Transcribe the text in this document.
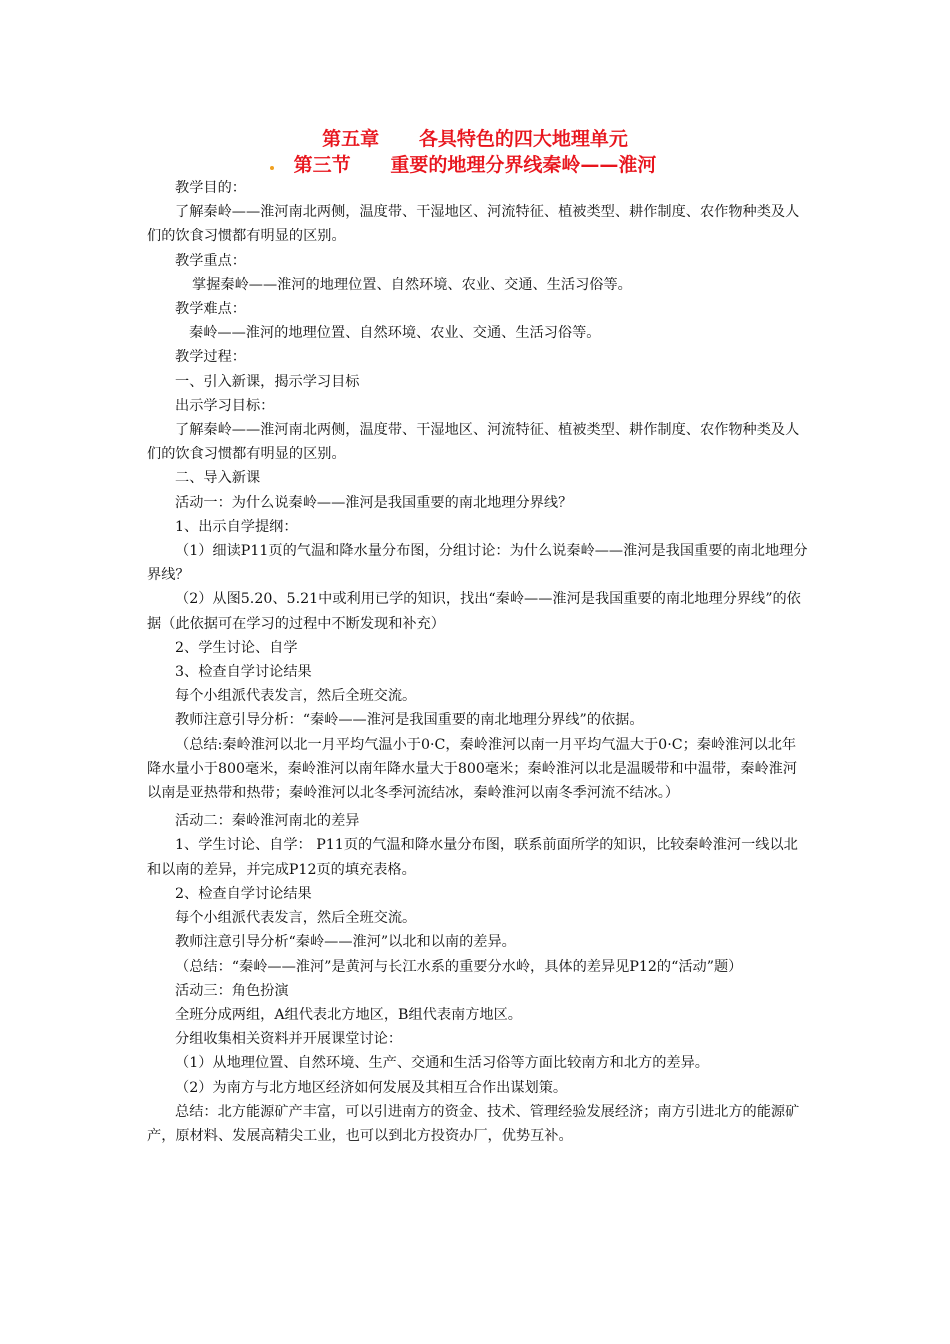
第五章      各具特色的四大地理单元
第三节      重要的地理分界线秦岭——淮河

教学目的：

了解秦岭——淮河南北两侧，温度带、干湿地区、河流特征、植被类型、耕作制度、农作物种类及人们的饮食习惯都有明显的区别。

教学重点：

掌握秦岭——淮河的地理位置、自然环境、农业、交通、生活习俗等。

教学难点：

秦岭——淮河的地理位置、自然环境、农业、交通、生活习俗等。

教学过程：

一、引入新课，揭示学习目标

出示学习目标：

了解秦岭——淮河南北两侧，温度带、干湿地区、河流特征、植被类型、耕作制度、农作物种类及人们的饮食习惯都有明显的区别。

二、导入新课

活动一：为什么说秦岭——淮河是我国重要的南北地理分界线？

1、出示自学提纲：

（1）细读P11页的气温和降水量分布图，分组讨论：为什么说秦岭——淮河是我国重要的南北地理分界线？

（2）从图5.20、5.21中或利用已学的知识，找出“秦岭——淮河是我国重要的南北地理分界线”的依据（此依据可在学习的过程中不断发现和补充）

2、学生讨论、自学

3、检查自学讨论结果

每个小组派代表发言，然后全班交流。

教师注意引导分析：“秦岭——淮河是我国重要的南北地理分界线”的依据。

（总结:秦岭淮河以北一月平均气温小于0·C，秦岭淮河以南一月平均气温大于0·C；秦岭淮河以北年降水量小于800毫米，秦岭淮河以南年降水量大于800毫米；秦岭淮河以北是温暖带和中温带，秦岭淮河以南是亚热带和热带；秦岭淮河以北冬季河流结冰，秦岭淮河以南冬季河流不结冰。）

活动二：秦岭淮河南北的差异

1、学生讨论、自学： P11页的气温和降水量分布图，联系前面所学的知识，比较秦岭淮河一线以北和以南的差异，并完成P12页的填充表格。

2、检查自学讨论结果

每个小组派代表发言，然后全班交流。

教师注意引导分析“秦岭——淮河”以北和以南的差异。

（总结：“秦岭——淮河”是黄河与长江水系的重要分水岭，具体的差异见P12的“活动”题）

活动三：角色扮演

全班分成两组，A组代表北方地区，B组代表南方地区。

分组收集相关资料并开展课堂讨论：

（1）从地理位置、自然环境、生产、交通和生活习俗等方面比较南方和北方的差异。

（2）为南方与北方地区经济如何发展及其相互合作出谋划策。

总结：北方能源矿产丰富，可以引进南方的资金、技术、管理经验发展经济；南方引进北方的能源矿产，原材料、发展高精尖工业，也可以到北方投资办厂，优势互补。
